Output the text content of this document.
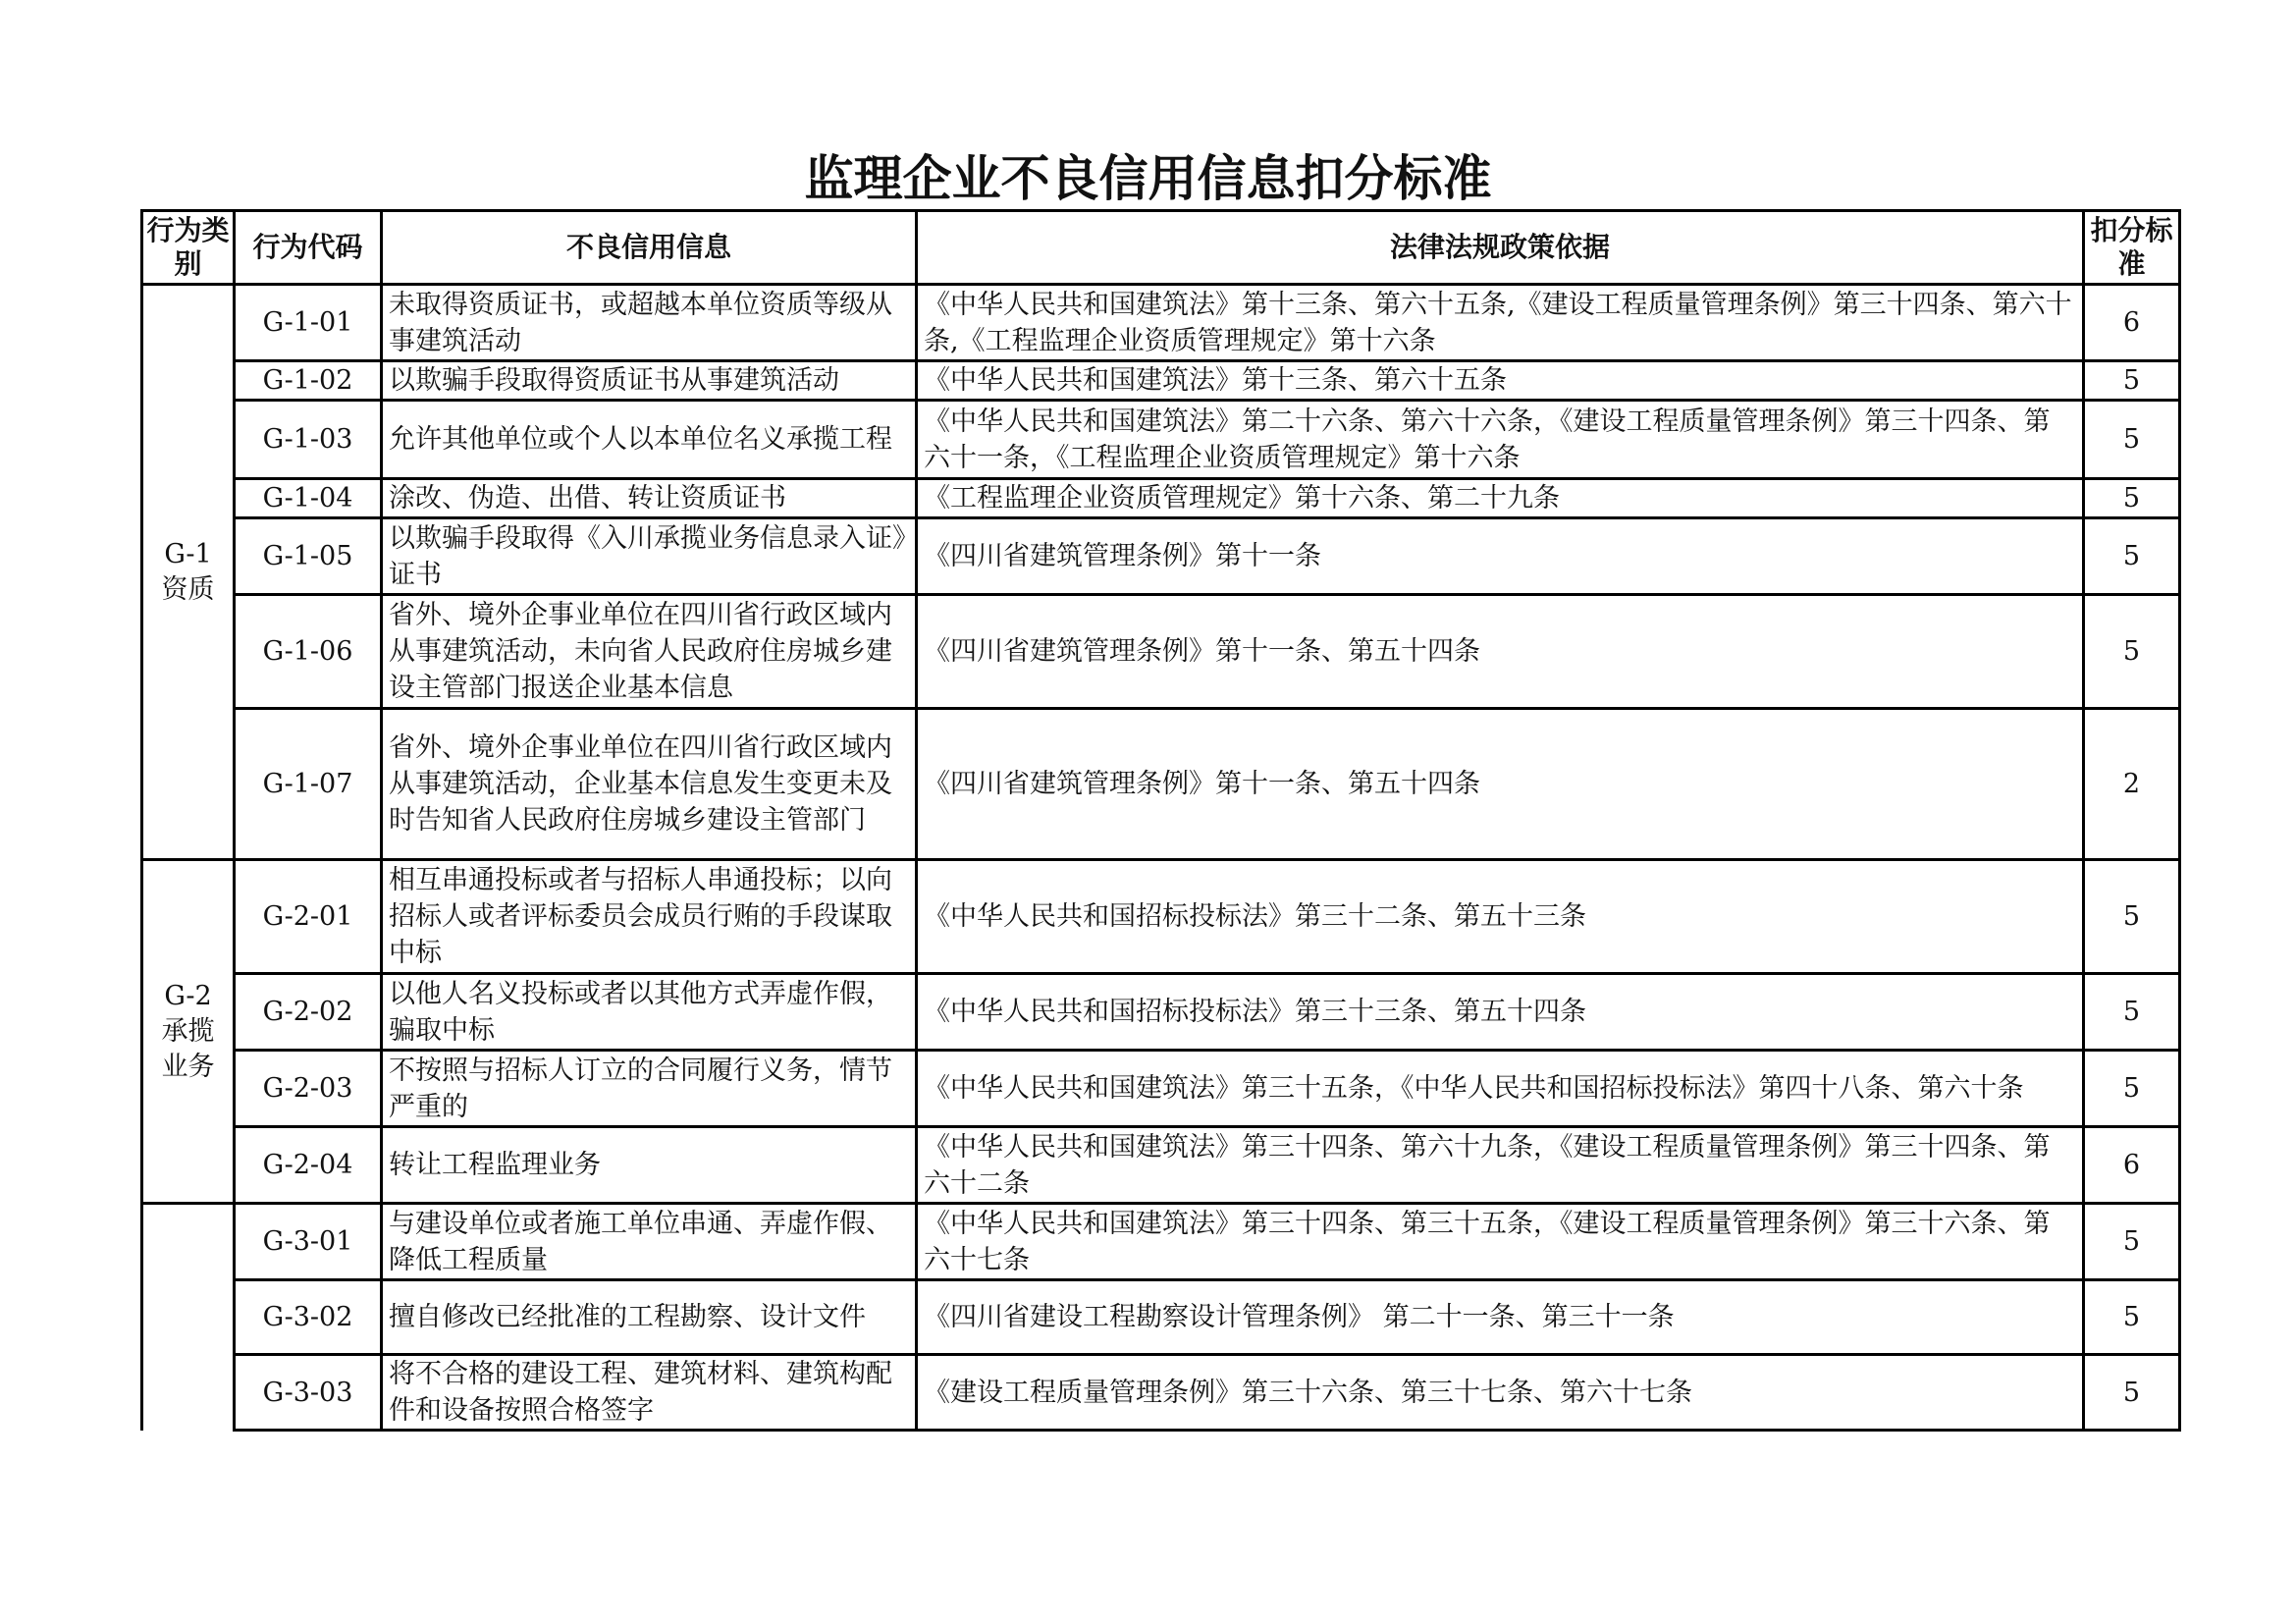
监理企业不良信用信息扣分标准
行为类别	行为代码	不良信用信息	法律法规政策依据	扣分标准
G-1 资质	G-1-01	未取得资质证书，或超越本单位资质等级从事建筑活动	《中华人民共和国建筑法》第十三条、第六十五条,《建设工程质量管理条例》第三十四条、第六十条,《工程监理企业资质管理规定》第十六条	6
	G-1-02	以欺骗手段取得资质证书从事建筑活动	《中华人民共和国建筑法》第十三条、第六十五条	5
	G-1-03	允许其他单位或个人以本单位名义承揽工程	《中华人民共和国建筑法》第二十六条、第六十六条，《建设工程质量管理条例》第三十四条、第六十一条，《工程监理企业资质管理规定》第十六条	5
	G-1-04	涂改、伪造、出借、转让资质证书	《工程监理企业资质管理规定》第十六条、第二十九条	5
	G-1-05	以欺骗手段取得《入川承揽业务信息录入证》证书	《四川省建筑管理条例》第十一条	5
	G-1-06	省外、境外企事业单位在四川省行政区域内从事建筑活动，未向省人民政府住房城乡建设主管部门报送企业基本信息	《四川省建筑管理条例》第十一条、第五十四条	5
	G-1-07	省外、境外企事业单位在四川省行政区域内从事建筑活动，企业基本信息发生变更未及时告知省人民政府住房城乡建设主管部门	《四川省建筑管理条例》第十一条、第五十四条	2
G-2 承揽业务	G-2-01	相互串通投标或者与招标人串通投标；以向招标人或者评标委员会成员行贿的手段谋取中标	《中华人民共和国招标投标法》第三十二条、第五十三条	5
	G-2-02	以他人名义投标或者以其他方式弄虚作假，骗取中标	《中华人民共和国招标投标法》第三十三条、第五十四条	5
	G-2-03	不按照与招标人订立的合同履行义务，情节严重的	《中华人民共和国建筑法》第三十五条，《中华人民共和国招标投标法》第四十八条、第六十条	5
	G-2-04	转让工程监理业务	《中华人民共和国建筑法》第三十四条、第六十九条，《建设工程质量管理条例》第三十四条、第六十二条	6
	G-3-01	与建设单位或者施工单位串通、弄虚作假、降低工程质量	《中华人民共和国建筑法》第三十四条、第三十五条，《建设工程质量管理条例》第三十六条、第六十七条	5
	G-3-02	擅自修改已经批准的工程勘察、设计文件	《四川省建设工程勘察设计管理条例》 第二十一条、第三十一条	5
	G-3-03	将不合格的建设工程、建筑材料、建筑构配件和设备按照合格签字	《建设工程质量管理条例》第三十六条、第三十七条、第六十七条	5
